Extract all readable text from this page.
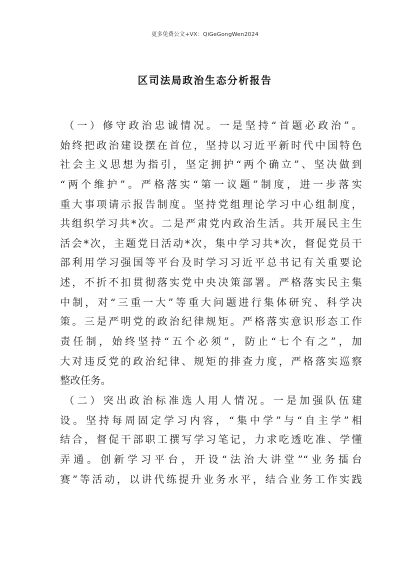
更多免费公文+VX：QiGeGongWen2024
区司法局政治生态分析报告
（一）修守政治忠诚情况。一是坚持“首题必政治”。
始终把政治建设摆在首位，坚持以习近平新时代中国特色
社会主义思想为指引，坚定拥护“两个确立”、坚决做到
“两个维护”。严格落实“第一议题”制度，进一步落实
重大事项请示报告制度。坚持党组理论学习中心组制度，
共组织学习共*次。二是严肃党内政治生活。共开展民主生
活会*次，主题党日活动*次，集中学习共*次，督促党员干
部利用学习强国等平台及时学习习近平总书记有关重要论
述，不折不扣贯彻落实党中央决策部署。严格落实民主集
中制，对“三重一大”等重大问题进行集体研究、科学决
策。三是严明党的政治纪律规矩。严格落实意识形态工作
责任制，始终坚持“五个必须”，防止“七个有之”，加
大对违反党的政治纪律、规矩的排查力度，严格落实巡察
整改任务。
（二）突出政治标准选人用人情况。一是加强队伍建
设。坚持每周固定学习内容，“集中学”与“自主学”相
结合，督促干部职工撰写学习笔记，力求吃透吃准、学懂
弄通。创新学习平台，开设“法治大讲堂”“业务擂台
赛”等活动，以讲代练提升业务水平，结合业务工作实践
